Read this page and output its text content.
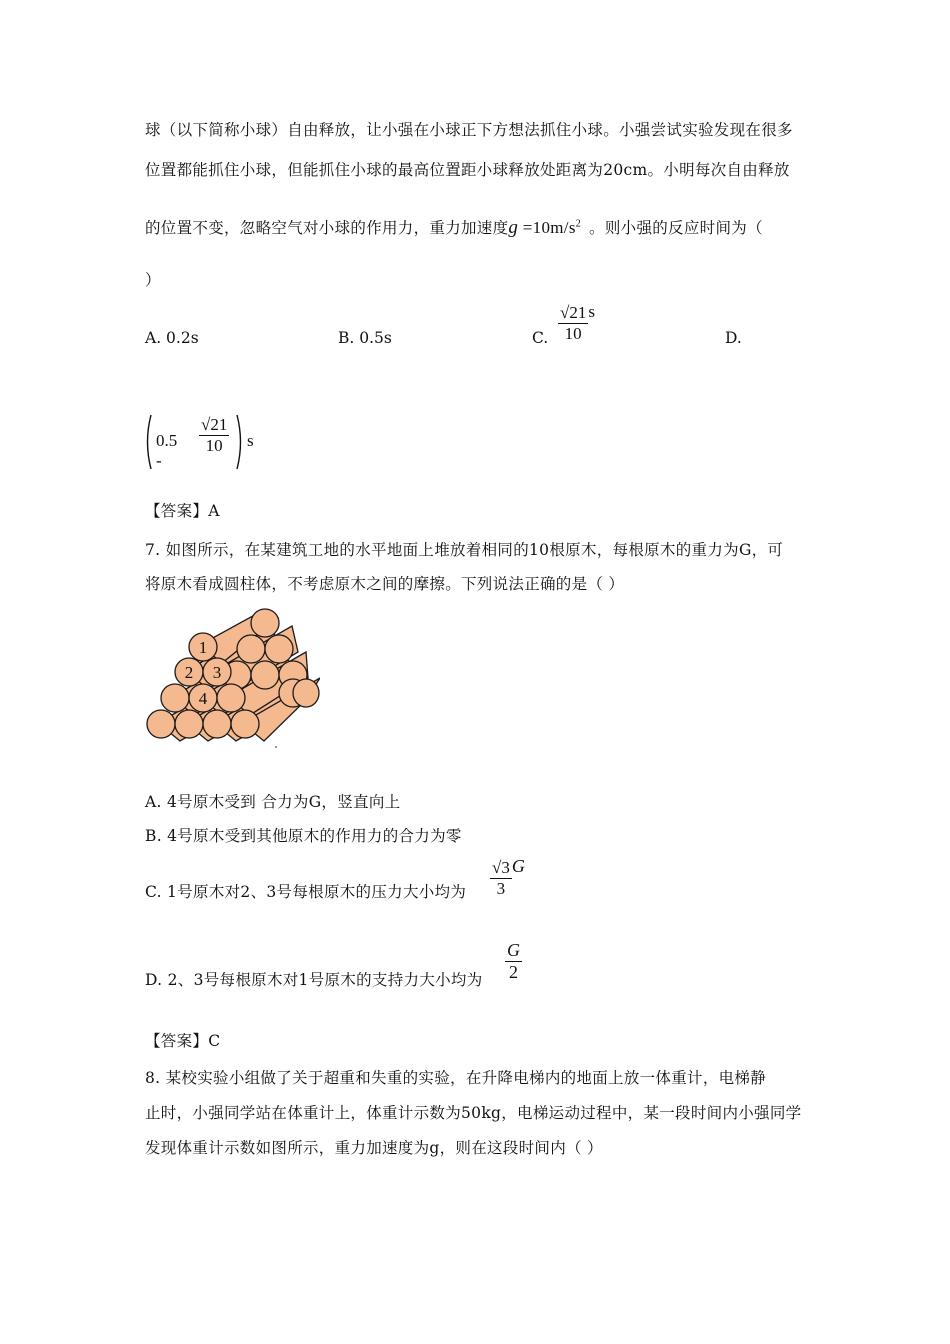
球（以下简称小球）自由释放，让小强在小球正下方想法抓住小球。小强尝试实验发现在很多
位置都能抓住小球，但能抓住小球的最高位置距小球释放处距离为20cm。小明每次自由释放
的位置不变，忽略空气对小球的作用力，重力加速度$g =10m/s^2$ 。则小强的反应时间为（
）
A. 0.2s	B. 0.5s	C. $\frac{√21}{10}$ s
D.
0.5 -
$\frac{√21}{10}$ s
【答案】A
7. 如图所示，在某建筑工地的水平地面上堆放着相同的10根原木，每根原木的重力为G，可
将原木看成圆柱体，不考虑原木之间的摩擦。下列说法正确的是（ ）
1
2 3
4
A. 4号原木受到 合力为G，竖直向上
B. 4号原木受到其他原木的作用力的合力为零
C. 1号原木对2、3号每根原木的压力大小均为 $\frac{√3}{3}$ G
D. 2、3号每根原木对1号原木的支持力大小均为 $\frac{G}{2}$
【答案】C
8. 某校实验小组做了关于超重和失重的实验，在升降电梯内的地面上放一体重计，电梯静
止时，小强同学站在体重计上，体重计示数为50kg，电梯运动过程中，某一段时间内小强同学
发现体重计示数如图所示，重力加速度为g，则在这段时间内（ ）
